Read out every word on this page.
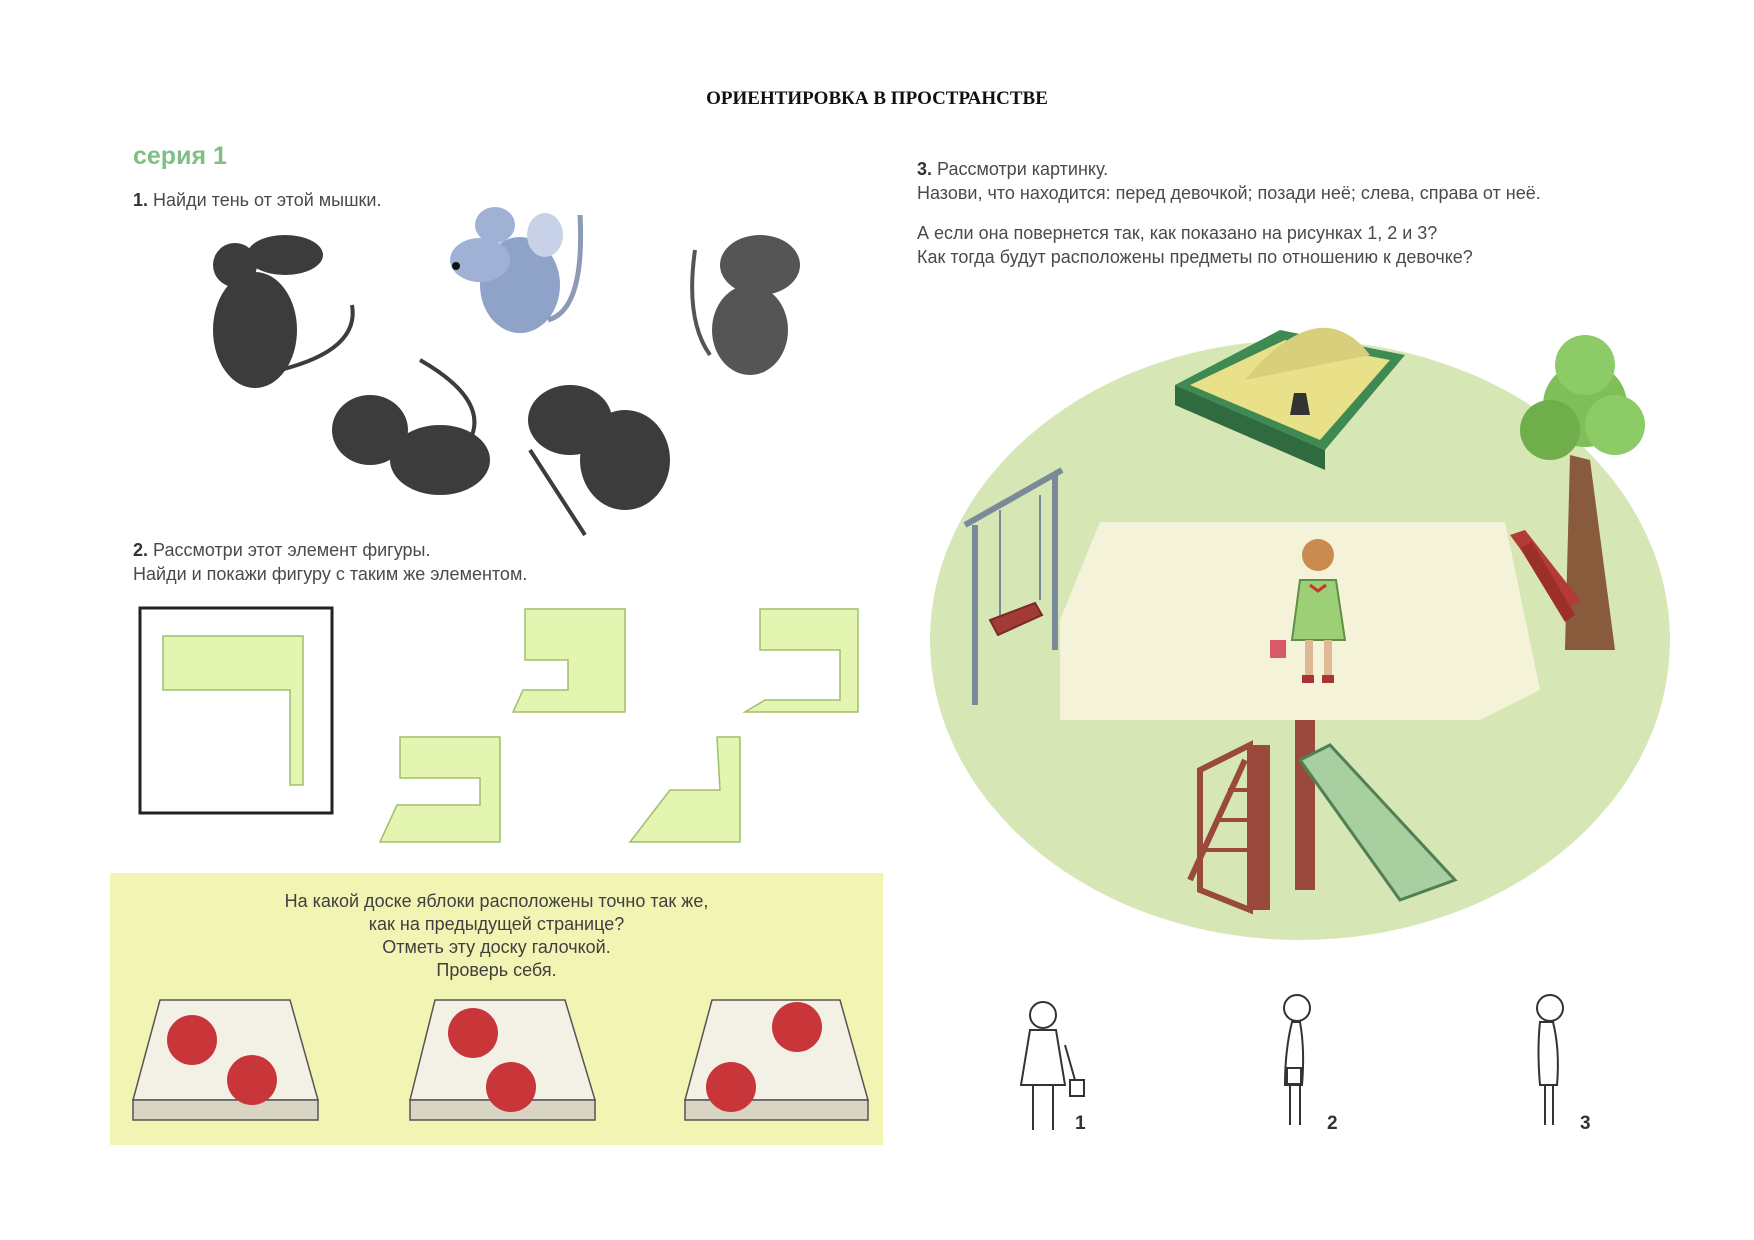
ОРИЕНТИРОВКА В ПРОСТРАНСТВЕ
серия 1
1. Найди тень от этой мышки.
2. Рассмотри этот элемент фигуры.
Найди и покажи фигуру с таким же элементом.
На какой доске яблоки расположены точно так же,
как на предыдущей странице?
Отметь эту доску галочкой.
Проверь себя.
3. Рассмотри картинку.
Назови, что находится: перед девочкой; позади неё; слева, справа от неё.
А если она повернется так, как показано на рисунках 1, 2 и 3?
Как тогда будут расположены предметы по отношению к девочке?
1	2	3
